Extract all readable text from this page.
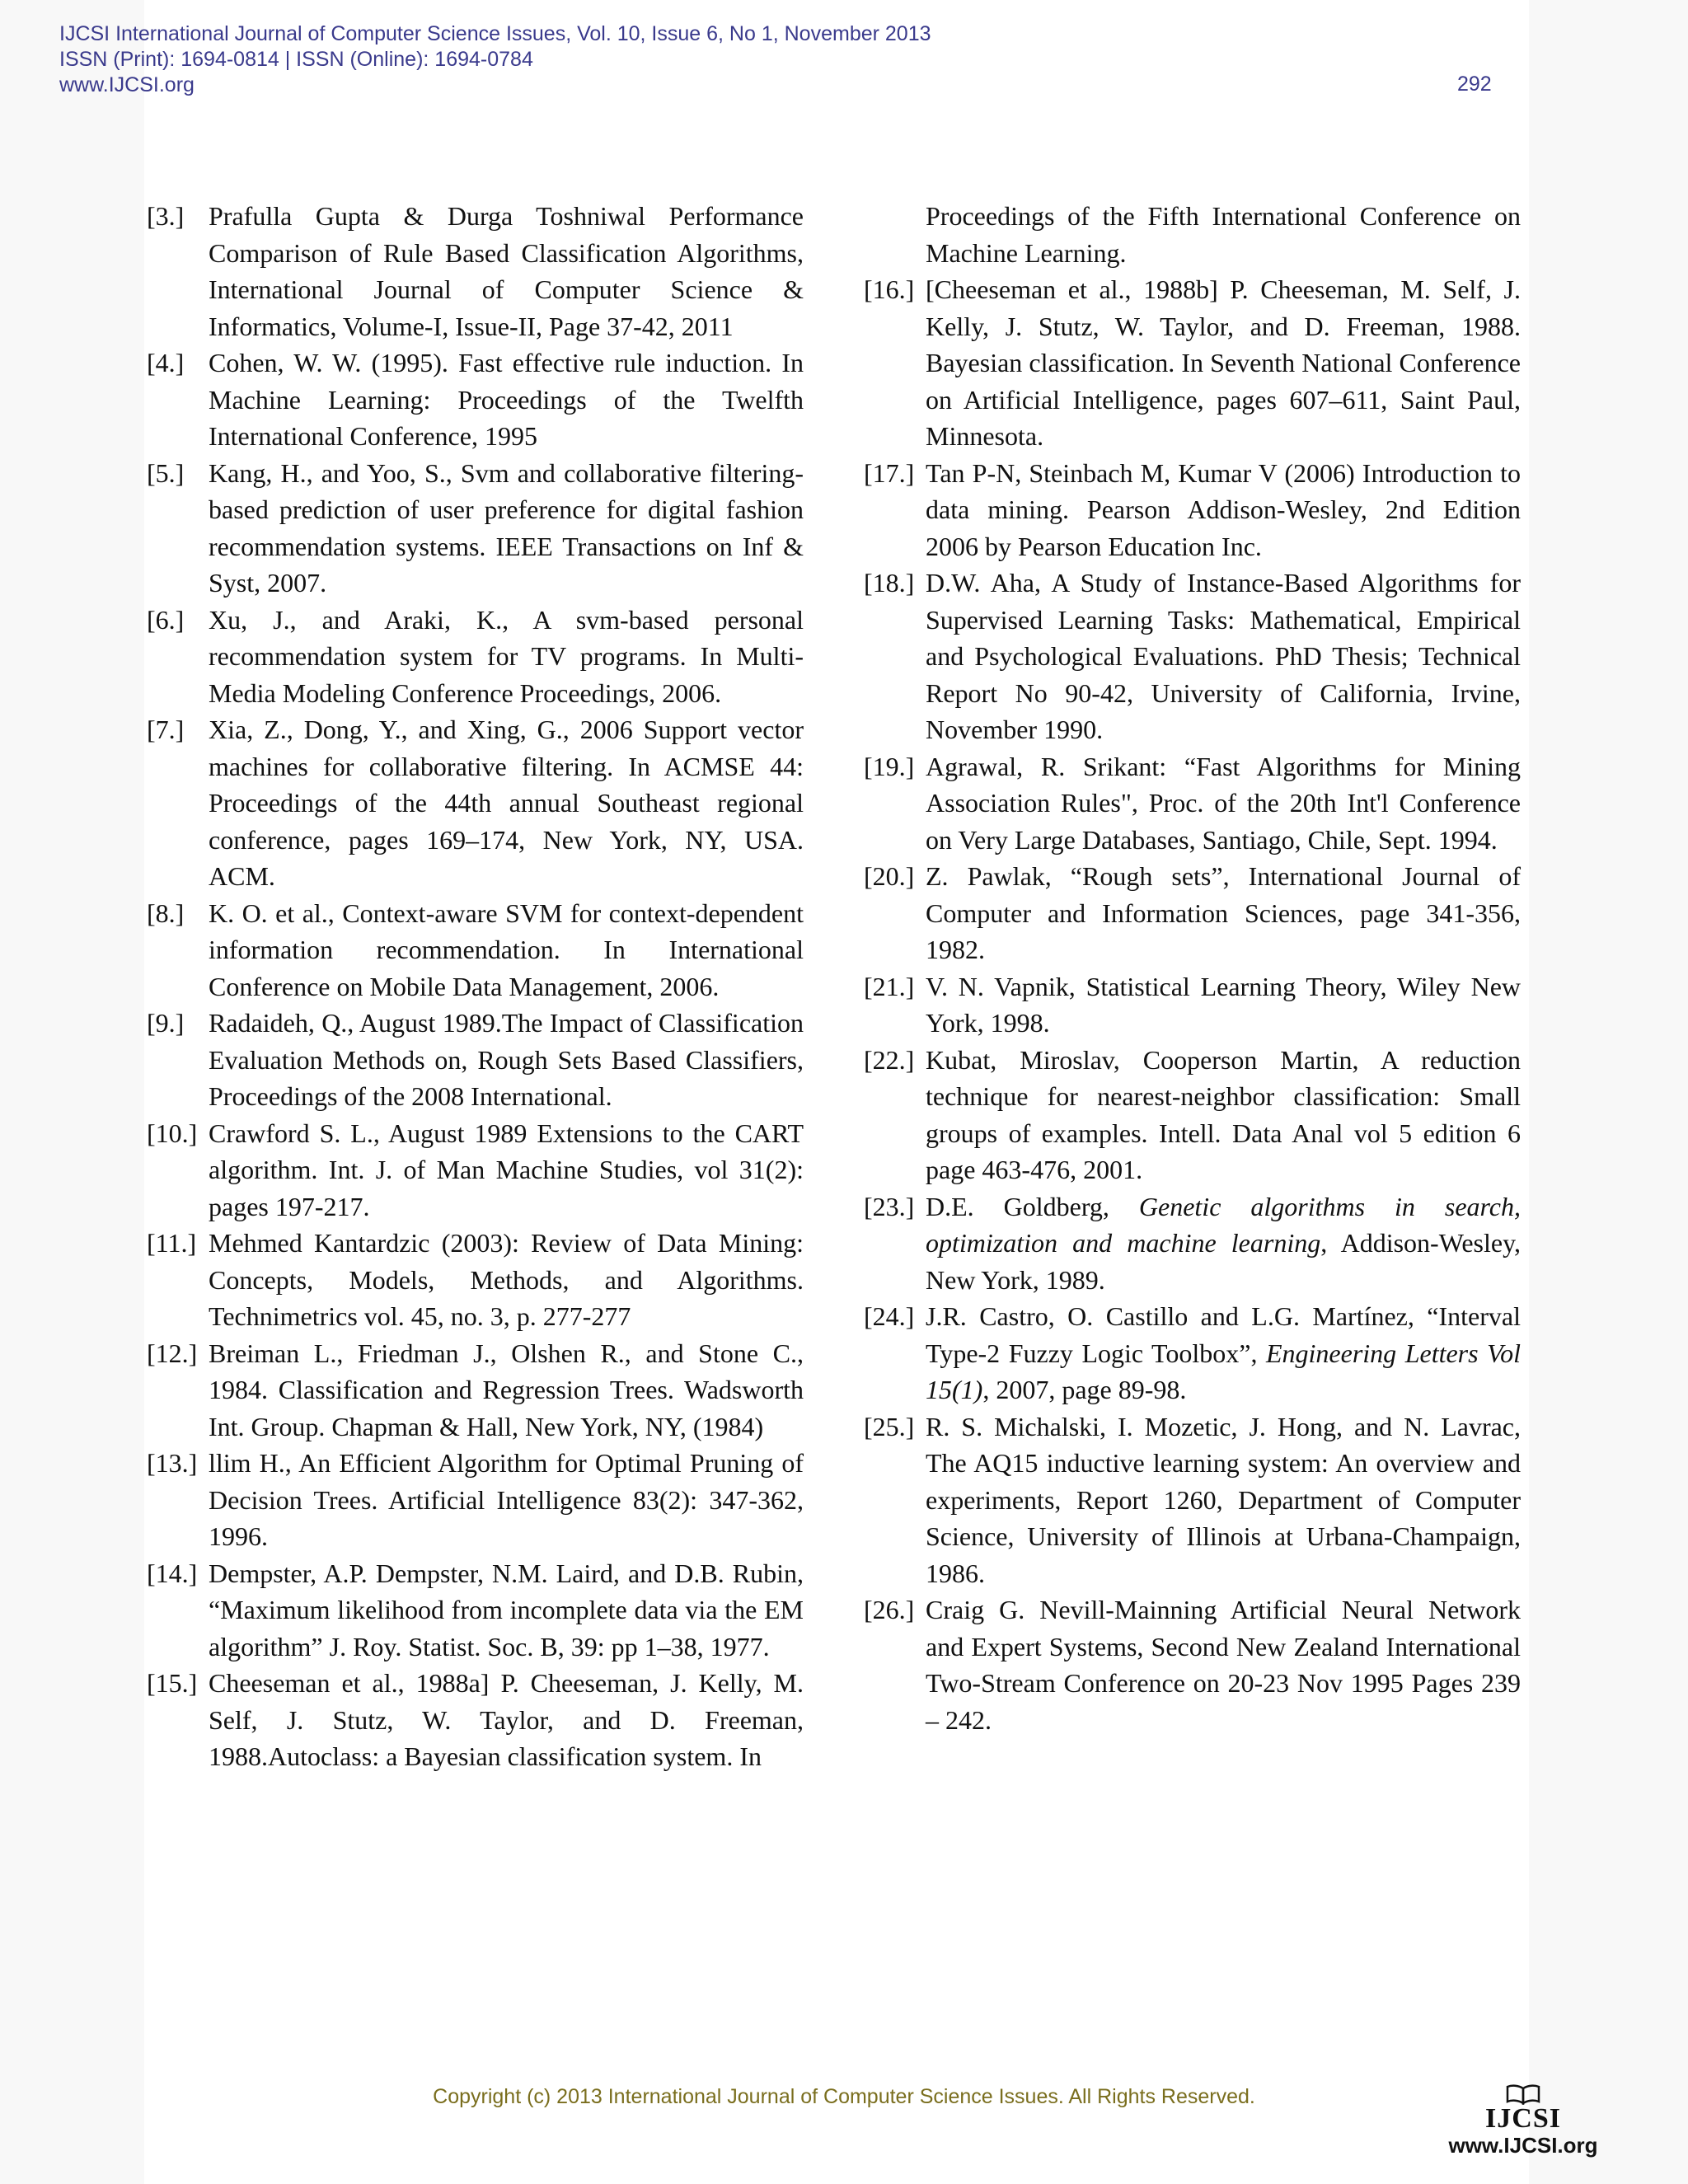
IJCSI International Journal of Computer Science Issues, Vol. 10, Issue 6, No 1, November 2013
ISSN (Print): 1694-0814 | ISSN (Online): 1694-0784
www.IJCSI.org	292
[3.] Prafulla Gupta & Durga Toshniwal Performance Comparison of Rule Based Classification Algorithms, International Journal of Computer Science & Informatics, Volume-I, Issue-II, Page 37-42, 2011
[4.] Cohen, W. W. (1995). Fast effective rule induction. In Machine Learning: Proceedings of the Twelfth International Conference, 1995
[5.] Kang, H., and Yoo, S., Svm and collaborative filtering-based prediction of user preference for digital fashion recommendation systems. IEEE Transactions on Inf & Syst, 2007.
[6.] Xu, J., and Araki, K., A svm-based personal recommendation system for TV programs. In Multi-Media Modeling Conference Proceedings, 2006.
[7.] Xia, Z., Dong, Y., and Xing, G., 2006 Support vector machines for collaborative filtering. In ACMSE 44: Proceedings of the 44th annual Southeast regional conference, pages 169–174, New York, NY, USA. ACM.
[8.] K. O. et al., Context-aware SVM for context-dependent information recommendation. In International Conference on Mobile Data Management, 2006.
[9.] Radaideh, Q., August 1989.The Impact of Classification Evaluation Methods on, Rough Sets Based Classifiers, Proceedings of the 2008 International.
[10.] Crawford S. L., August 1989 Extensions to the CART algorithm. Int. J. of Man Machine Studies, vol 31(2): pages 197-217.
[11.] Mehmed Kantardzic (2003): Review of Data Mining: Concepts, Models, Methods, and Algorithms. Technimetrics vol. 45, no. 3, p. 277-277
[12.] Breiman L., Friedman J., Olshen R., and Stone C., 1984. Classification and Regression Trees. Wadsworth Int. Group. Chapman & Hall, New York, NY, (1984)
[13.] llim H., An Efficient Algorithm for Optimal Pruning of Decision Trees. Artificial Intelligence 83(2): 347-362, 1996.
[14.] Dempster, A.P. Dempster, N.M. Laird, and D.B. Rubin, “Maximum likelihood from incomplete data via the EM algorithm” J. Roy. Statist. Soc. B, 39: pp 1–38, 1977.
[15.] Cheeseman et al., 1988a] P. Cheeseman, J. Kelly, M. Self, J. Stutz, W. Taylor, and D. Freeman, 1988.Autoclass: a Bayesian classification system. In
Proceedings of the Fifth International Conference on Machine Learning.
[16.] [Cheeseman et al., 1988b] P. Cheeseman, M. Self, J. Kelly, J. Stutz, W. Taylor, and D. Freeman, 1988. Bayesian classification. In Seventh National Conference on Artificial Intelligence, pages 607–611, Saint Paul, Minnesota.
[17.] Tan P-N, Steinbach M, Kumar V (2006) Introduction to data mining. Pearson Addison-Wesley, 2nd Edition 2006 by Pearson Education Inc.
[18.] D.W. Aha, A Study of Instance-Based Algorithms for Supervised Learning Tasks: Mathematical, Empirical and Psychological Evaluations. PhD Thesis; Technical Report No 90-42, University of California, Irvine, November 1990.
[19.] Agrawal, R. Srikant: “Fast Algorithms for Mining Association Rules", Proc. of the 20th Int'l Conference on Very Large Databases, Santiago, Chile, Sept. 1994.
[20.] Z. Pawlak, “Rough sets”, International Journal of Computer and Information Sciences, page 341-356, 1982.
[21.] V. N. Vapnik, Statistical Learning Theory, Wiley New York, 1998.
[22.] Kubat, Miroslav, Cooperson Martin, A reduction technique for nearest-neighbor classification: Small groups of examples. Intell. Data Anal vol 5 edition 6 page 463-476, 2001.
[23.] D.E. Goldberg, Genetic algorithms in search, optimization and machine learning, Addison-Wesley, New York, 1989.
[24.] J.R. Castro, O. Castillo and L.G. Martínez, “Interval Type-2 Fuzzy Logic Toolbox”, Engineering Letters Vol 15(1), 2007, page 89-98.
[25.] R. S. Michalski, I. Mozetic, J. Hong, and N. Lavrac, The AQ15 inductive learning system: An overview and experiments, Report 1260, Department of Computer Science, University of Illinois at Urbana-Champaign, 1986.
[26.] Craig G. Nevill-Mainning Artificial Neural Network and Expert Systems, Second New Zealand International Two-Stream Conference on 20-23 Nov 1995 Pages 239 – 242.
Copyright (c) 2013 International Journal of Computer Science Issues. All Rights Reserved.
IJCSI
www.IJCSI.org
